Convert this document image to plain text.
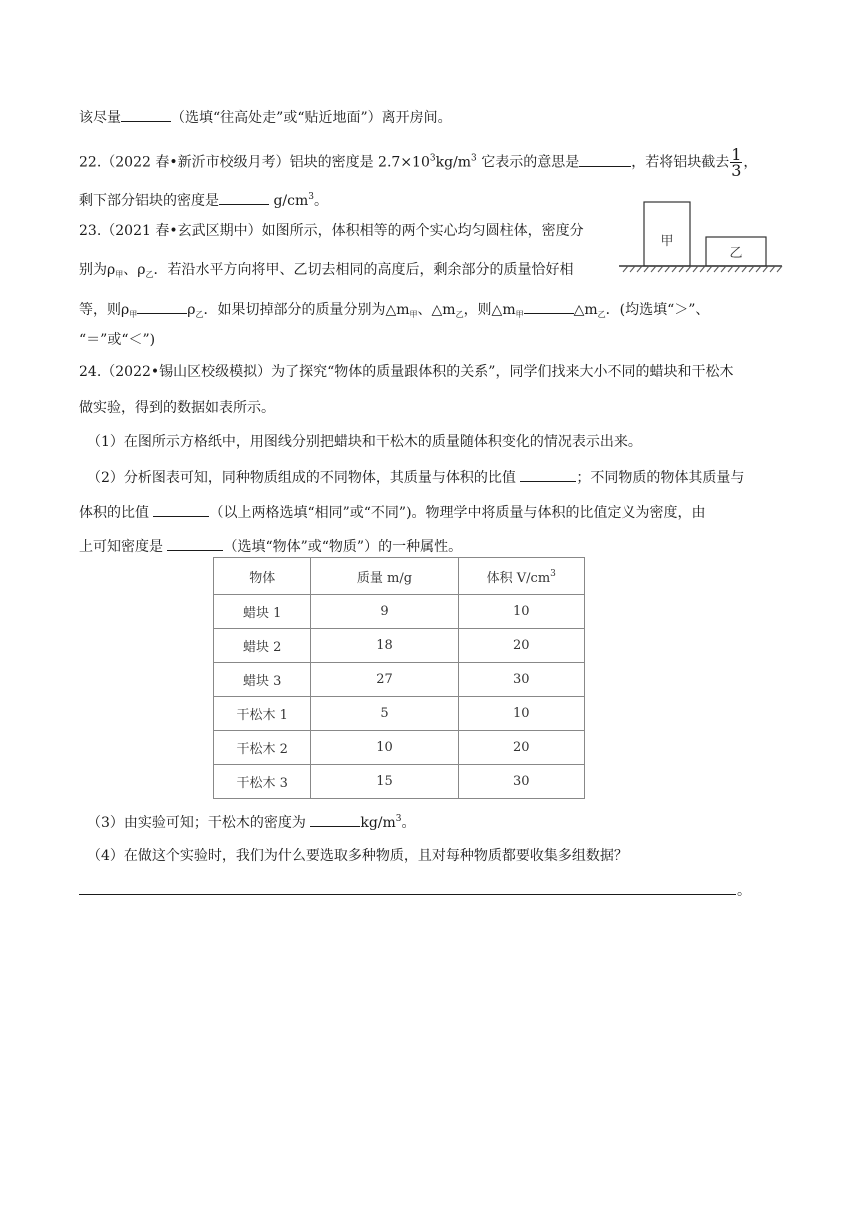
该尽量	（选填“往高处走”或“贴近地面”）离开房间。
22.（2022 春•新沂市校级月考）铝块的密度是 $2.7\times 10^3kg/m^3$ 它表示的意思是	，若将铝块截去 $\frac{1}{3}$ ，
剩下部分铝块的密度是	$g/cm^3$。
甲
乙
23.（2021 春•玄武区期中）如图所示，体积相等的两个实心均匀圆柱体，密度分
别为$\rho_甲$、$\rho_乙$．若沿水平方向将甲、乙切去相同的高度后，剩余部分的质量恰好相
等，则$\rho_甲$	$\rho_乙$．如果切掉部分的质量分别为$\triangle m_甲$、$\triangle m_乙$，则$\triangle m_甲$	$\triangle m_乙$．(均选填“＞”、
“＝”或“＜”)
24.（2022•锡山区校级模拟）为了探究“物体的质量跟体积的关系”，同学们找来大小不同的蜡块和干松木
做实验，得到的数据如表所示。
（1）在图所示方格纸中，用图线分别把蜡块和干松木的质量随体积变化的情况表示出来。
（2）分析图表可知，同种物质组成的不同物体，其质量与体积的比值	；不同物质的物体其质量与
体积的比值	（以上两格选填“相同”或“不同”)。物理学中将质量与体积的比值定义为密度，由
上可知密度是	（选填“物体”或“物质”）的一种属性。
物体	质量 m/g	体积 $V/cm^3$
蜡块 1	9	10
蜡块 2	18	20
蜡块 3	27	30
干松木 1	5	10
干松木 2	10	20
干松木 3	15	30
（3）由实验可知；干松木的密度为	$kg/m^3$。
（4）在做这个实验时，我们为什么要选取多种物质，且对每种物质都要收集多组数据？
。
